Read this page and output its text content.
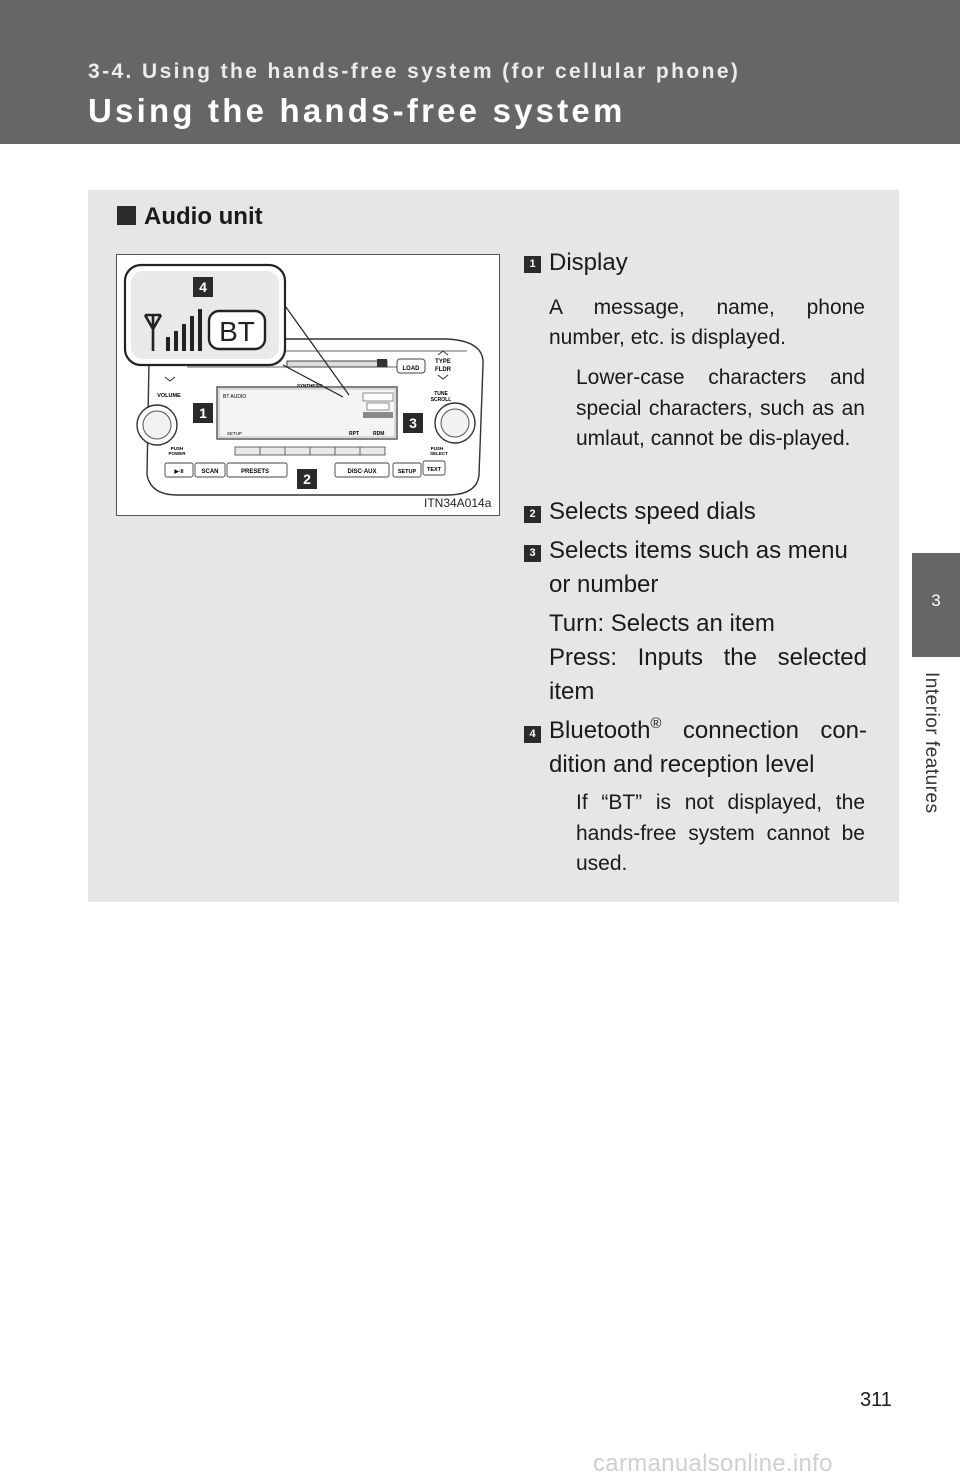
3-4. Using the hands-free system (for cellular phone)
Using the hands-free system
3
Interior features
Audio unit
LOAD
TYPE
FLDR
TUNE
SCROLL
VOLUME	BT AUDIO
SYNTHESIS
SETUP	RPT	RDM
PUSH
POWER
PUSH
SELECT
▶·II	SCAN	PRESETS	DISC·AUX	SETUP TEXT
BT
4
1
3
2
ITN34A014a
1 Display
A message, name, phone number, etc. is displayed.
Lower-case characters and special characters, such as an umlaut, cannot be dis-played.
2 Selects speed dials
3 Selects items such as menu or number
Turn: Selects an item
Press: Inputs the selected item
4 Bluetooth® connection con-dition and reception level
If “BT” is not displayed, the hands-free system cannot be used.
311
carmanualsonline.info
